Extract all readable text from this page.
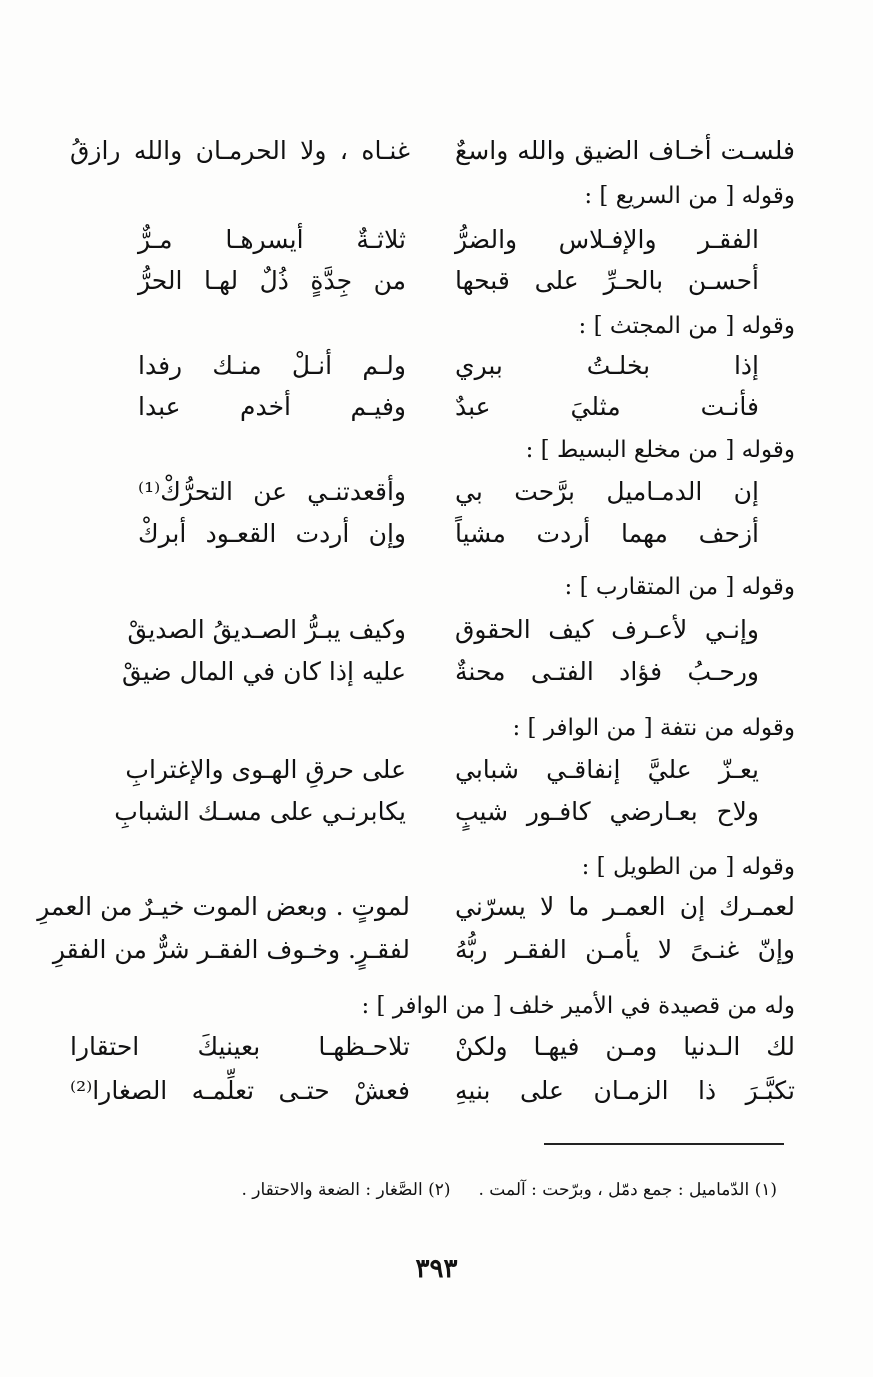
فلسـت أخـاف الضيق والله واسعٌ
غنـاه ، ولا الحرمـان والله رازقُ
وقوله [ من السريع ] :
الفقـر والإفـلاس والضرُّ
ثلاثـةٌ أيسرهـا مـرٌّ
أحسـن بالحـرِّ على قبحها
من جِدَّةٍ ذُلٌ لهـا الحرُّ
وقوله [ من المجتث ] :
إذا بخلـتُ ببري
ولـم أنـلْ منـك رفدا
فأنـت مثليَ عبدٌ
وفيـم أخدم عبدا
وقوله [ من مخلع البسيط ] :
إن الدمـاميل برَّحت بي
وأقعدتنـي عن التحرُّكْ⁽¹⁾
أزحف مهما أردت مشياً
وإن أردت القعـود أبركْ
وقوله [ من المتقارب ] :
وإنـي لأعـرف كيف الحقوق
وكيف يبـرُّ الصـديقُ الصديقْ
ورحـبُ فؤاد الفتـى محنةٌ
عليه إذا كان في المال ضيقْ
وقوله من نتفة [ من الوافر ] :
يعـزّ عليَّ إنفاقـي شبابي
على حرقِ الهـوى والإغترابِ
ولاح بعـارضي كافـور شيبٍ
يكابرنـي على مسـك الشبابِ
وقوله [ من الطويل ] :
لعمـرك إن العمـر ما لا يسرّني
لموتٍ . وبعض الموت خيـرٌ من العمرِ
وإنّ غنـىً لا يأمـن الفقـر ربُّهُ
لفقـرٍ. وخـوف الفقـر شرٌّ من الفقرِ
وله من قصيدة في الأمير خلف [ من الوافر ] :
لك الـدنيا ومـن فيهـا ولكنْ
تلاحـظهـا بعينيكَ احتقارا
تكبَّـرَ ذا الزمـان على بنيهِ
فعشْ حتـى تعلِّمـه الصغارا⁽²⁾
(١) الدّماميل : جمع دمّل ، وبرّحت : آلمت .(٢) الصَّغار : الضعة والاحتقار .
٣٩٣
